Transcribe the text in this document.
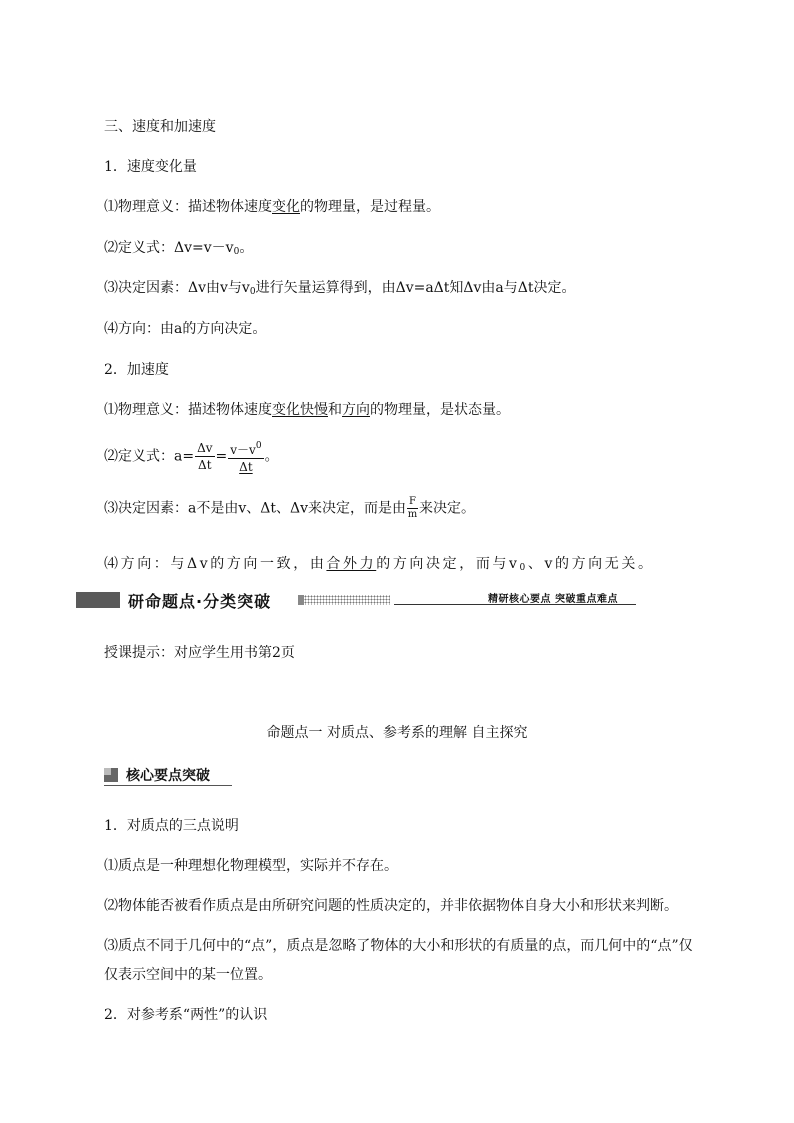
三、速度和加速度
1．速度变化量
⑴物理意义：描述物体速度变化的物理量，是过程量。
⑵定义式：$\Delta v=v-v_0$。
⑶决定因素：Δv由v与$v_0$进行矢量运算得到，由Δv=aΔt知Δv由a与Δt决定。
⑷方向：由a的方向决定。
2．加速度
⑴物理意义：描述物体速度变化快慢和方向的物理量，是状态量。
⑵定义式：$a= \frac{\Delta v}{\Delta t} = \frac{v-v^0}{\Delta t}$ 。
⑶决定因素：a不是由v、Δt、Δv来决定，而是由 $\frac{F}{m}$ 来决定。
⑷方向：与Δv的方向一致，由合外力的方向决定，而与$v_0$、v的方向无关。
研命题点·分类突破	精研核心要点 突破重点难点
授课提示：对应学生用书第2页
命题点一 对质点、参考系的理解 自主探究
核心要点突破
1．对质点的三点说明
⑴质点是一种理想化物理模型，实际并不存在。
⑵物体能否被看作质点是由所研究问题的性质决定的，并非依据物体自身大小和形状来判断。
⑶质点不同于几何中的“点”，质点是忽略了物体的大小和形状的有质量的点，而几何中的“点”仅
仅表示空间中的某一位置。
2．对参考系“两性”的认识
